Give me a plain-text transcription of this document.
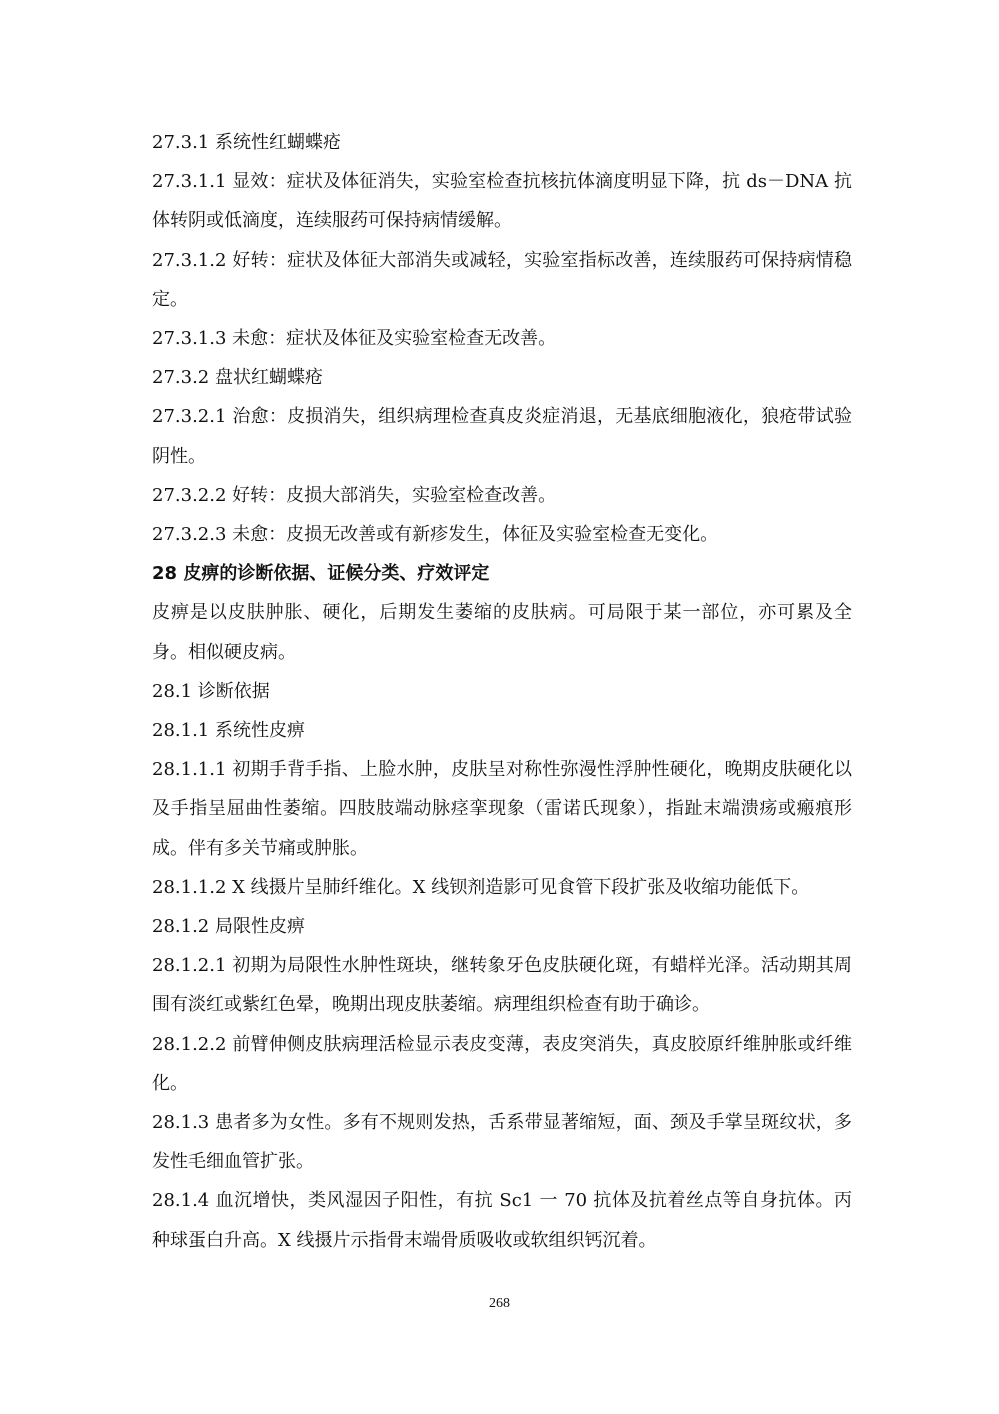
27.3.1 系统性红蝴蝶疮

27.3.1.1 显效：症状及体征消失，实验室检查抗核抗体滴度明显下降，抗 ds－DNA 抗体转阴或低滴度，连续服药可保持病情缓解。

27.3.1.2 好转：症状及体征大部消失或减轻，实验室指标改善，连续服药可保持病情稳定。

27.3.1.3 未愈：症状及体征及实验室检查无改善。

27.3.2 盘状红蝴蝶疮

27.3.2.1 治愈：皮损消失，组织病理检查真皮炎症消退，无基底细胞液化，狼疮带试验阴性。

27.3.2.2 好转：皮损大部消失，实验室检查改善。

27.3.2.3 未愈：皮损无改善或有新疹发生，体征及实验室检查无变化。

28 皮痹的诊断依据、证候分类、疗效评定

皮痹是以皮肤肿胀、硬化，后期发生萎缩的皮肤病。可局限于某一部位，亦可累及全身。相似硬皮病。

28.1 诊断依据

28.1.1 系统性皮痹

28.1.1.1 初期手背手指、上脸水肿，皮肤呈对称性弥漫性浮肿性硬化，晚期皮肤硬化以及手指呈屈曲性萎缩。四肢肢端动脉痉挛现象（雷诺氏现象），指趾末端溃疡或瘢痕形成。伴有多关节痛或肿胀。

28.1.1.2 X 线摄片呈肺纤维化。X 线钡剂造影可见食管下段扩张及收缩功能低下。

28.1.2 局限性皮痹

28.1.2.1 初期为局限性水肿性斑块，继转象牙色皮肤硬化斑，有蜡样光泽。活动期其周围有淡红或紫红色晕，晚期出现皮肤萎缩。病理组织检查有助于确诊。

28.1.2.2 前臂伸侧皮肤病理活检显示表皮变薄，表皮突消失，真皮胶原纤维肿胀或纤维化。

28.1.3 患者多为女性。多有不规则发热，舌系带显著缩短，面、颈及手掌呈斑纹状，多发性毛细血管扩张。

28.1.4 血沉增快，类风湿因子阳性，有抗 Sc1 一 70 抗体及抗着丝点等自身抗体。丙种球蛋白升高。X 线摄片示指骨末端骨质吸收或软组织钙沉着。

268
